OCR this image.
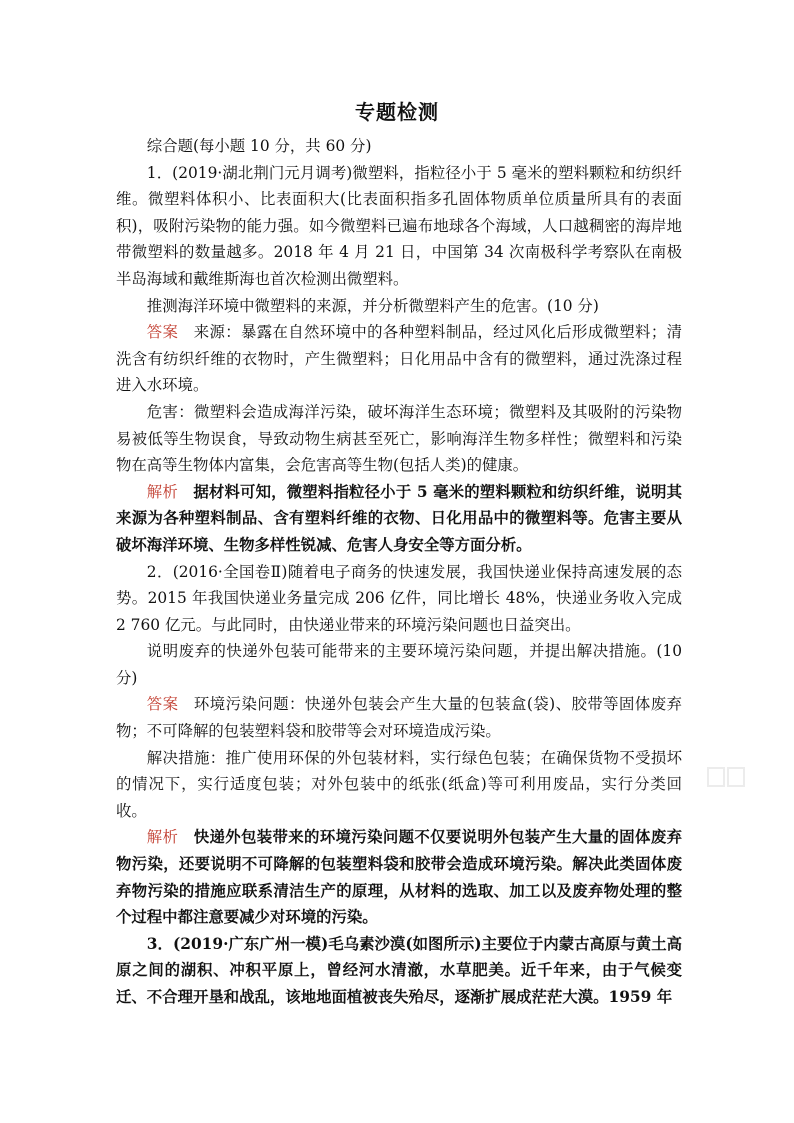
专题检测

综合题(每小题 10 分，共 60 分)

1．(2019·湖北荆门元月调考)微塑料，指粒径小于 5 毫米的塑料颗粒和纺织纤维。微塑料体积小、比表面积大(比表面积指多孔固体物质单位质量所具有的表面积)，吸附污染物的能力强。如今微塑料已遍布地球各个海域，人口越稠密的海岸地带微塑料的数量越多。2018 年 4 月 21 日，中国第 34 次南极科学考察队在南极半岛海域和戴维斯海也首次检测出微塑料。

推测海洋环境中微塑料的来源，并分析微塑料产生的危害。(10 分)

答案 来源：暴露在自然环境中的各种塑料制品，经过风化后形成微塑料；清洗含有纺织纤维的衣物时，产生微塑料；日化用品中含有的微塑料，通过洗涤过程进入水环境。

危害：微塑料会造成海洋污染，破坏海洋生态环境；微塑料及其吸附的污染物易被低等生物误食，导致动物生病甚至死亡，影响海洋生物多样性；微塑料和污染物在高等生物体内富集，会危害高等生物(包括人类)的健康。

解析 据材料可知，微塑料指粒径小于 5 毫米的塑料颗粒和纺织纤维，说明其来源为各种塑料制品、含有塑料纤维的衣物、日化用品中的微塑料等。危害主要从破坏海洋环境、生物多样性锐减、危害人身安全等方面分析。

2．(2016·全国卷Ⅱ)随着电子商务的快速发展，我国快递业保持高速发展的态势。2015 年我国快递业务量完成 206 亿件，同比增长 48%，快递业务收入完成 2 760 亿元。与此同时，由快递业带来的环境污染问题也日益突出。

说明废弃的快递外包装可能带来的主要环境污染问题，并提出解决措施。(10 分)

答案 环境污染问题：快递外包装会产生大量的包装盒(袋)、胶带等固体废弃物；不可降解的包装塑料袋和胶带等会对环境造成污染。

解决措施：推广使用环保的外包装材料，实行绿色包装；在确保货物不受损坏的情况下，实行适度包装；对外包装中的纸张(纸盒)等可利用废品，实行分类回收。

解析 快递外包装带来的环境污染问题不仅要说明外包装产生大量的固体废弃物污染，还要说明不可降解的包装塑料袋和胶带会造成环境污染。解决此类固体废弃物污染的措施应联系清洁生产的原理，从材料的选取、加工以及废弃物处理的整个过程中都注意要减少对环境的污染。

3．(2019·广东广州一模)毛乌素沙漠(如图所示)主要位于内蒙古高原与黄土高原之间的湖积、冲积平原上，曾经河水清澈，水草肥美。近千年来，由于气候变迁、不合理开垦和战乱，该地地面植被丧失殆尽，逐渐扩展成茫茫大漠。1959 年
